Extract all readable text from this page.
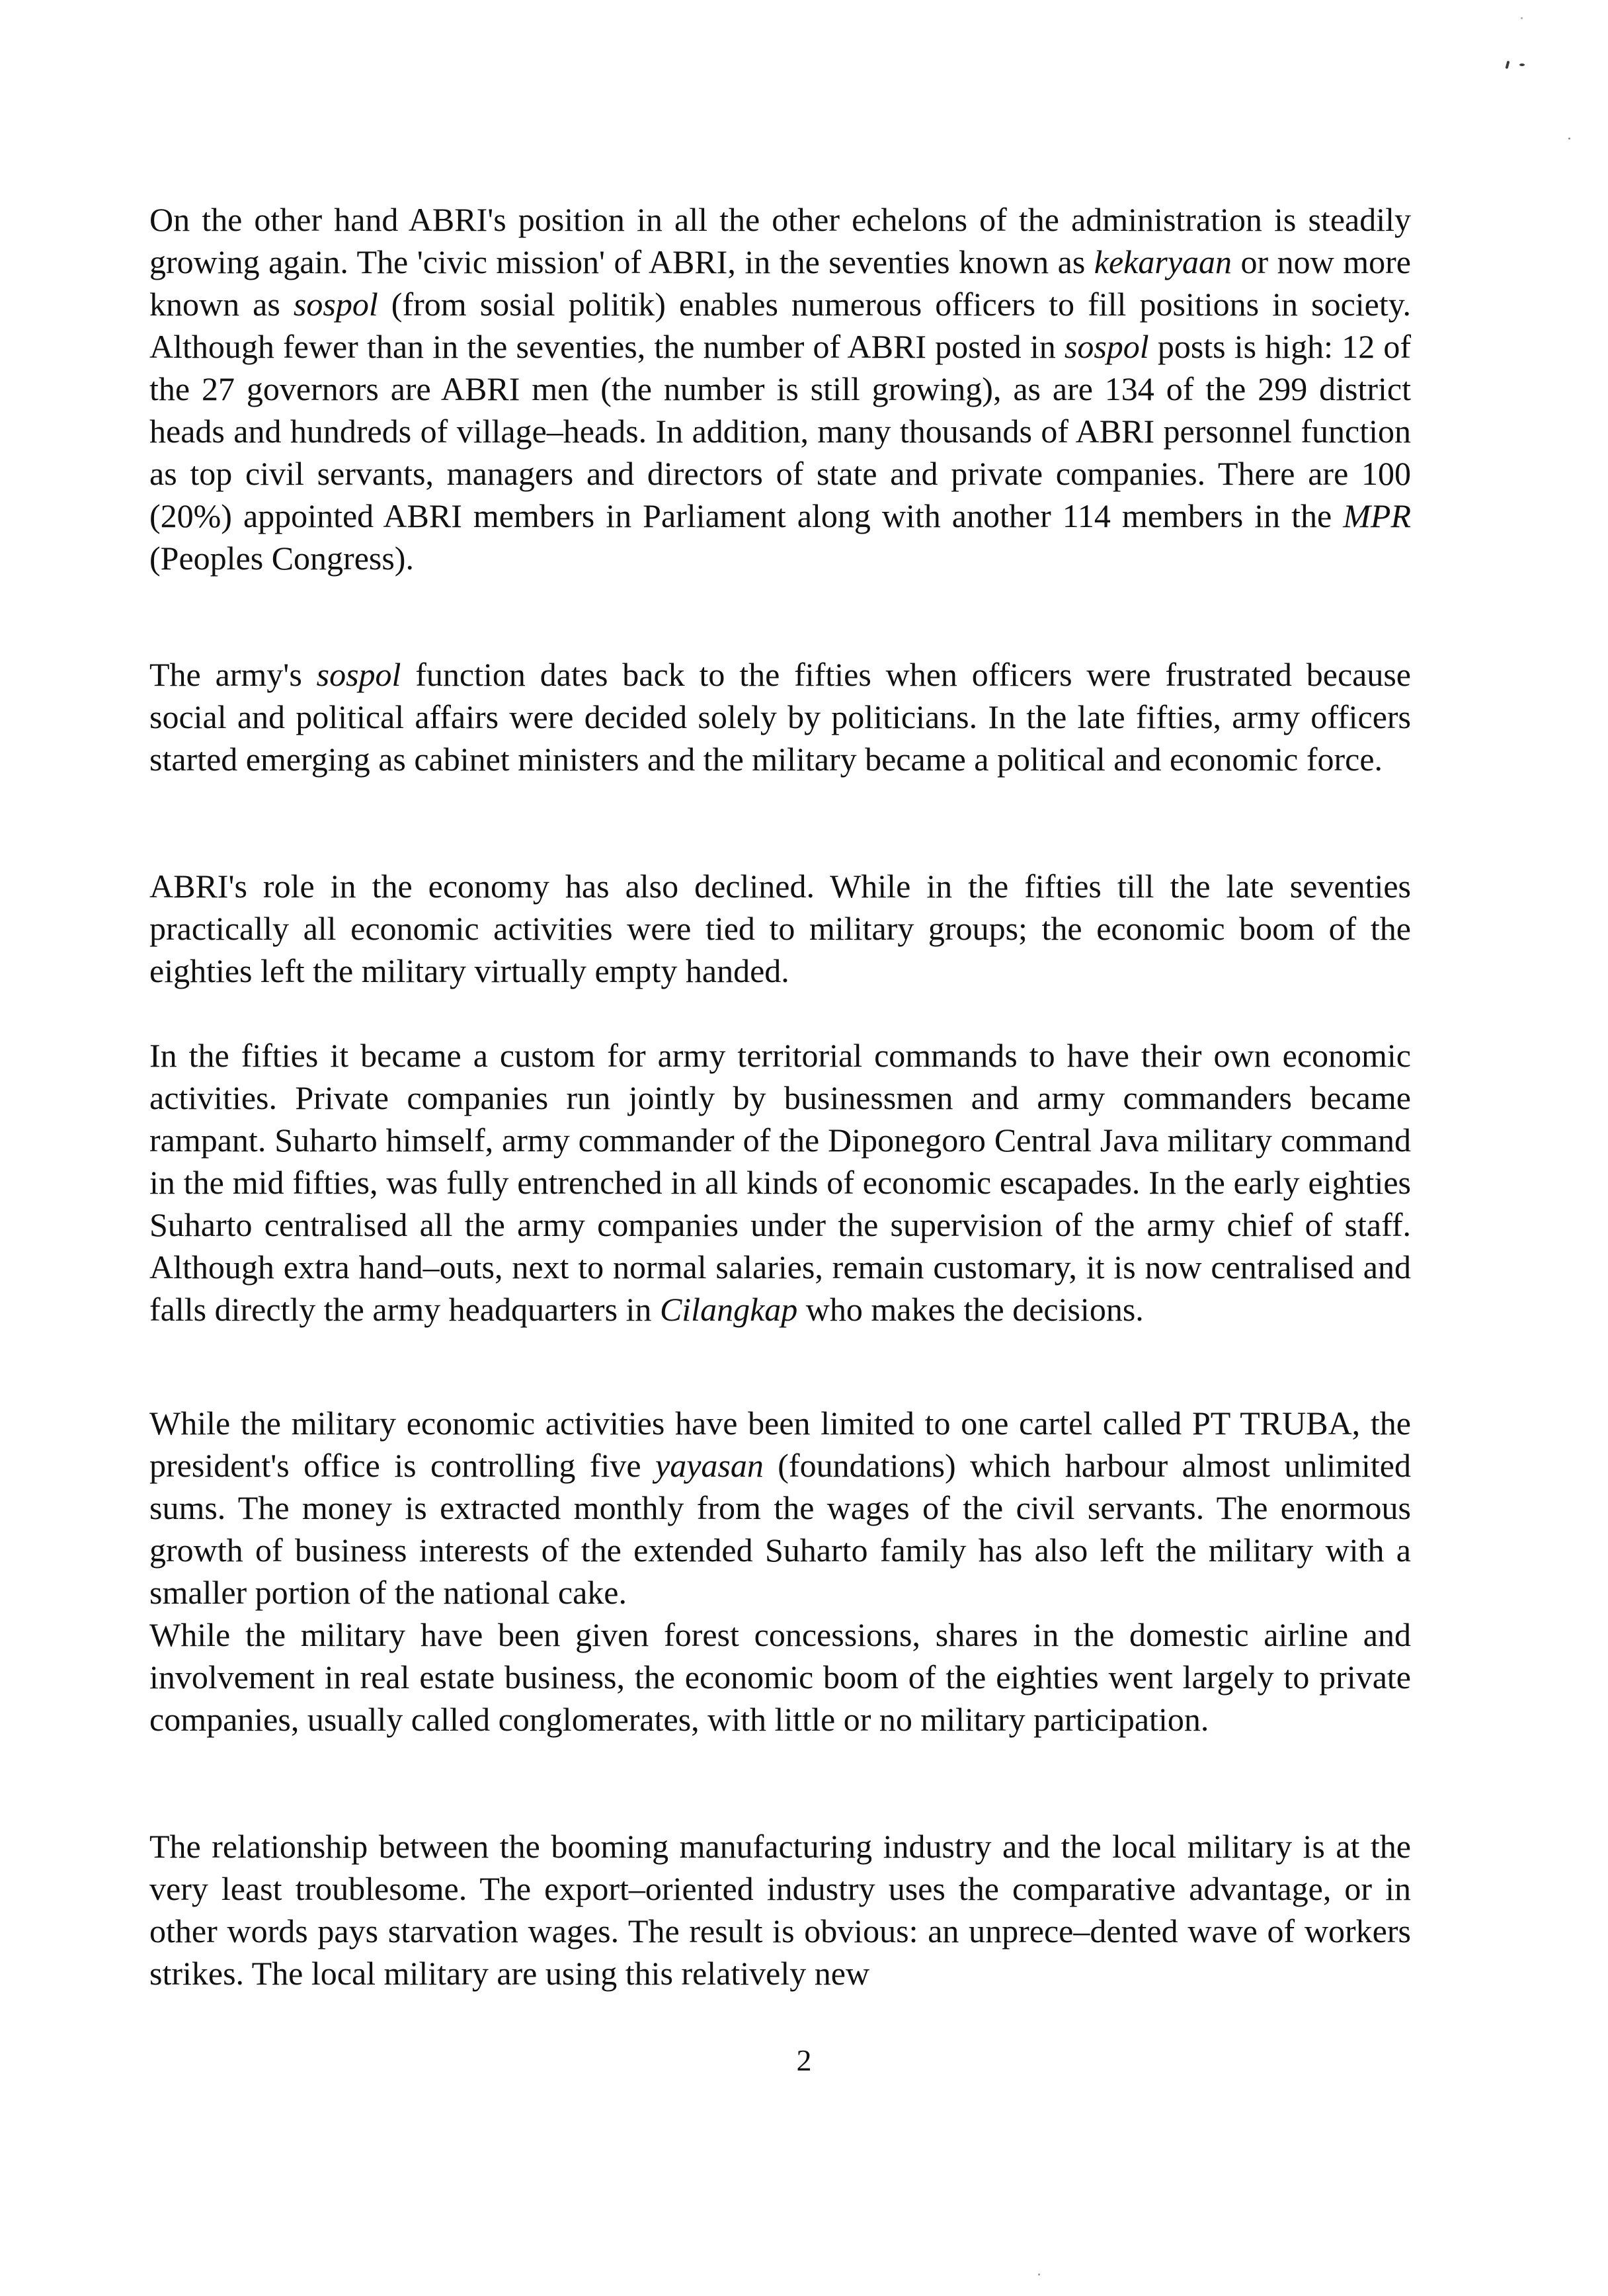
On the other hand ABRI's position in all the other echelons of the administration is steadily growing again. The 'civic mission' of ABRI, in the seventies known as kekaryaan or now more known as sospol (from sosial politik) enables numerous officers to fill positions in society. Although fewer than in the seventies, the number of ABRI posted in sospol posts is high: 12 of the 27 governors are ABRI men (the number is still growing), as are 134 of the 299 district heads and hundreds of village–heads. In addition, many thousands of ABRI personnel function as top civil servants, managers and directors of state and private companies. There are 100 (20%) appointed ABRI members in Parliament along with another 114 members in the MPR (Peoples Congress).

The army's sospol function dates back to the fifties when officers were frustrated because social and political affairs were decided solely by politicians. In the late fifties, army officers started emerging as cabinet ministers and the military became a political and economic force.

ABRI's role in the economy has also declined. While in the fifties till the late seventies practically all economic activities were tied to military groups; the economic boom of the eighties left the military virtually empty handed.

In the fifties it became a custom for army territorial commands to have their own economic activities. Private companies run jointly by businessmen and army commanders became rampant. Suharto himself, army commander of the Diponegoro Central Java military command in the mid fifties, was fully entrenched in all kinds of economic escapades. In the early eighties Suharto centralised all the army companies under the supervision of the army chief of staff. Although extra hand–outs, next to normal salaries, remain customary, it is now centralised and falls directly the army headquarters in Cilangkap who makes the decisions.

While the military economic activities have been limited to one cartel called PT TRUBA, the president's office is controlling five yayasan (foundations) which harbour almost unlimited sums. The money is extracted monthly from the wages of the civil servants. The enormous growth of business interests of the extended Suharto family has also left the military with a smaller portion of the national cake.

While the military have been given forest concessions, shares in the domestic airline and involvement in real estate business, the economic boom of the eighties went largely to private companies, usually called conglomerates, with little or no military participation.

The relationship between the booming manufacturing industry and the local military is at the very least troublesome. The export–oriented industry uses the comparative advantage, or in other words pays starvation wages. The result is obvious: an unprece–dented wave of workers strikes. The local military are using this relatively new

2
